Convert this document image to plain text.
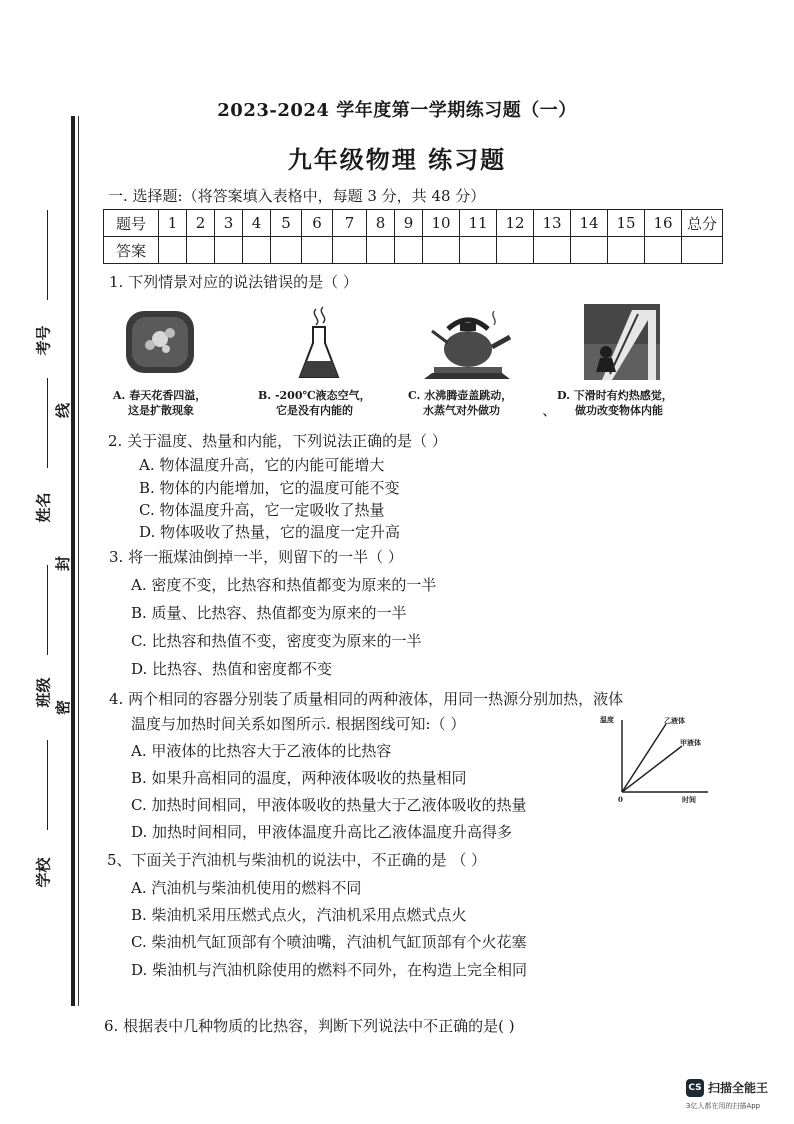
考号
线
姓名
封
班级 密
学校
2023-2024 学年度第一学期练习题（一）
九年级物理 练习题
一. 选择题:（将答案填入表格中，每题 3 分，共 48 分）
题号	1	2	3	4	5	6	7	8	9	10	11	12	13	14	15	16	总分
答案																	
1. 下列情景对应的说法错误的是（ ）
A. 春天花香四溢，
这是扩散现象
B. -200℃液态空气，
它是没有内能的
C. 水沸腾壶盖跳动，
水蒸气对外做功
D. 下滑时有灼热感觉，
做功改变物体内能
、
2. 关于温度、热量和内能，下列说法正确的是（ ）
A. 物体温度升高，它的内能可能增大
B. 物体的内能增加，它的温度可能不变
C. 物体温度升高，它一定吸收了热量
D. 物体吸收了热量，它的温度一定升高
3. 将一瓶煤油倒掉一半，则留下的一半（ ）
A. 密度不变，比热容和热值都变为原来的一半
B. 质量、比热容、热值都变为原来的一半
C. 比热容和热值不变，密度变为原来的一半
D. 比热容、热值和密度都不变
4. 两个相同的容器分别装了质量相同的两种液体，用同一热源分别加热，液体
温度与加热时间关系如图所示. 根据图线可知:（ ）
A. 甲液体的比热容大于乙液体的比热容
B. 如果升高相同的温度，两种液体吸收的热量相同
C. 加热时间相同，甲液体吸收的热量大于乙液体吸收的热量
D. 加热时间相同，甲液体温度升高比乙液体温度升高得多
温度
时间
0
乙液体
甲液体
5、下面关于汽油机与柴油机的说法中，不正确的是 （ ）
A. 汽油机与柴油机使用的燃料不同
B. 柴油机采用压燃式点火，汽油机采用点燃式点火
C. 柴油机气缸顶部有个喷油嘴，汽油机气缸顶部有个火花塞
D. 柴油机与汽油机除使用的燃料不同外，在构造上完全相同
6. 根据表中几种物质的比热容，判断下列说法中不正确的是( )
CS 扫描全能王
3亿人都在用的扫描App
